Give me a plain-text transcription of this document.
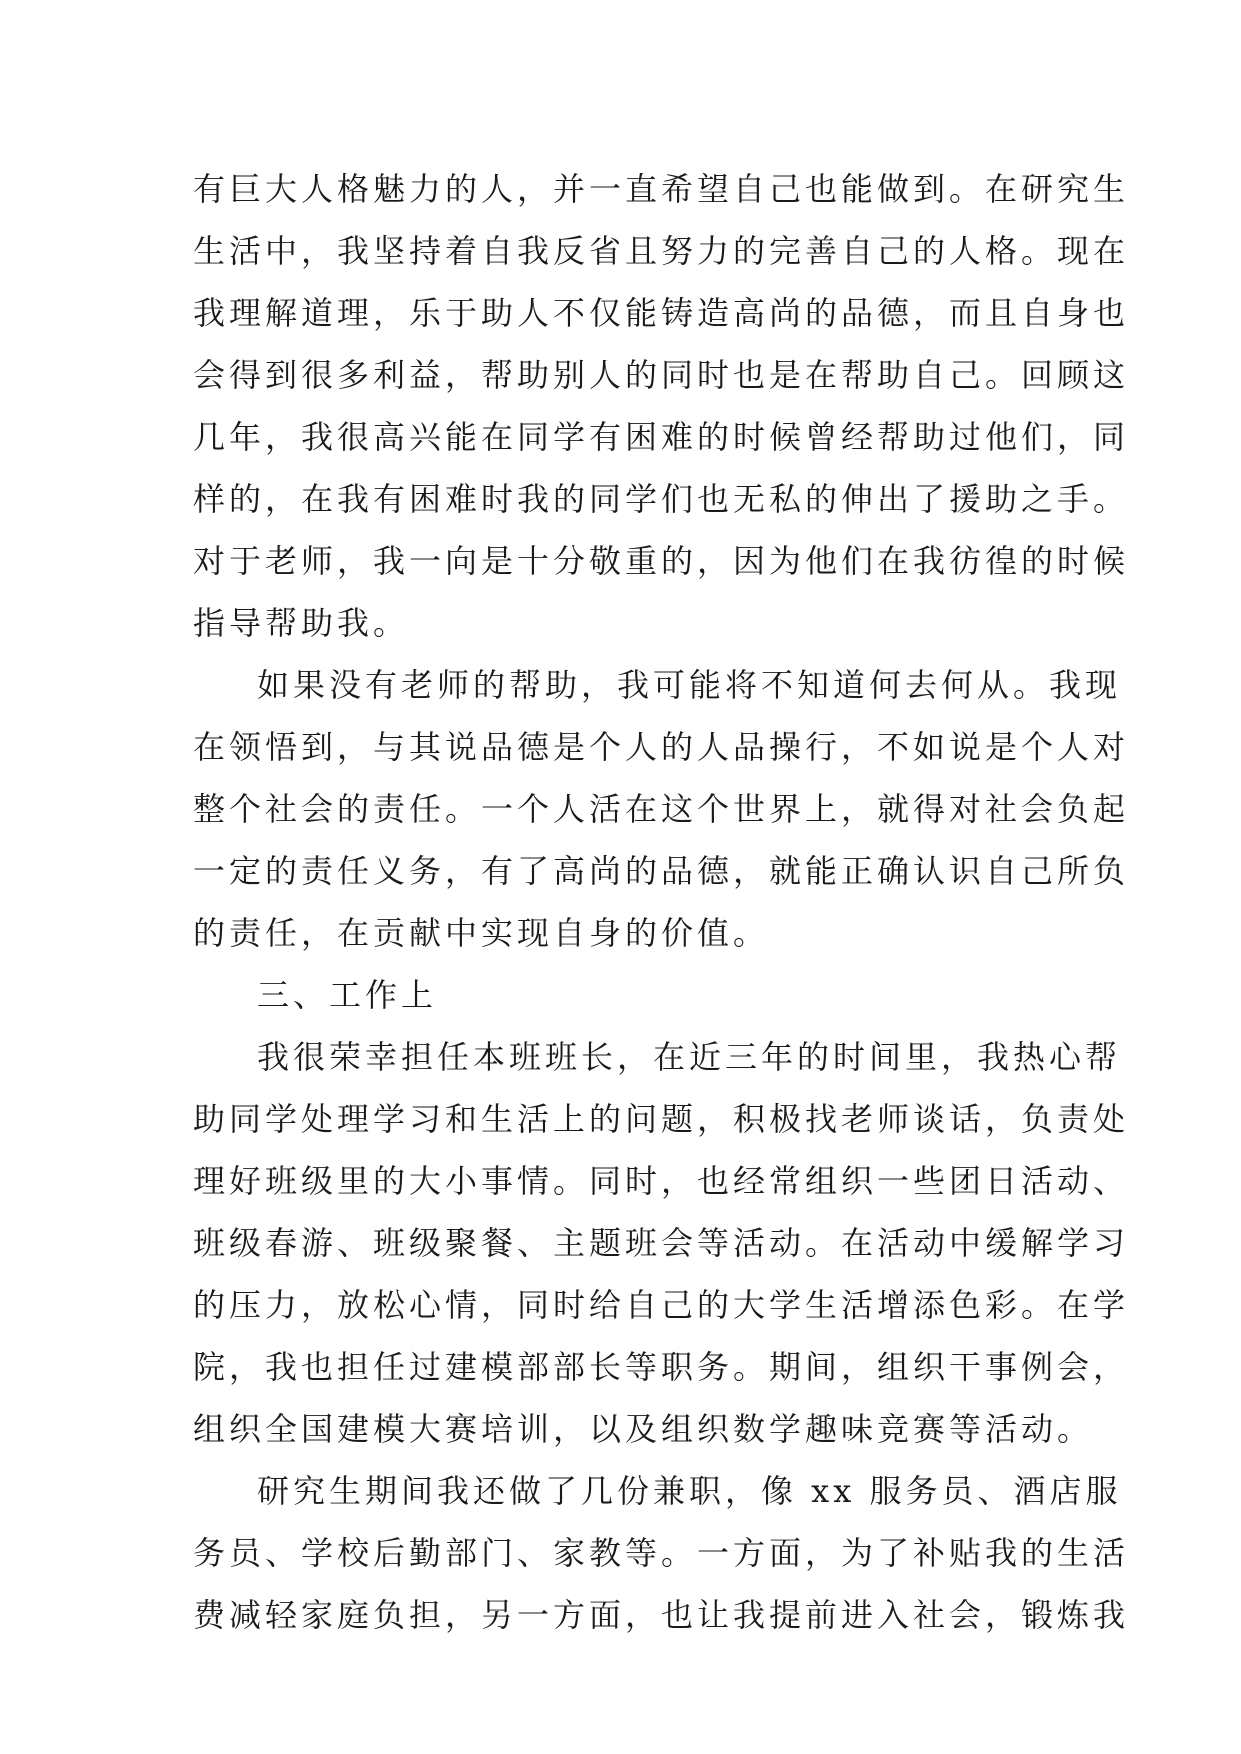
有巨大人格魅力的人，并一直希望自己也能做到。在研究生
生活中，我坚持着自我反省且努力的完善自己的人格。现在
我理解道理，乐于助人不仅能铸造高尚的品德，而且自身也
会得到很多利益，帮助别人的同时也是在帮助自己。回顾这
几年，我很高兴能在同学有困难的时候曾经帮助过他们，同
样的，在我有困难时我的同学们也无私的伸出了援助之手。
对于老师，我一向是十分敬重的，因为他们在我彷徨的时候
指导帮助我。
如果没有老师的帮助，我可能将不知道何去何从。我现
在领悟到，与其说品德是个人的人品操行，不如说是个人对
整个社会的责任。一个人活在这个世界上，就得对社会负起
一定的责任义务，有了高尚的品德，就能正确认识自己所负
的责任，在贡献中实现自身的价值。
三、工作上
我很荣幸担任本班班长，在近三年的时间里，我热心帮
助同学处理学习和生活上的问题，积极找老师谈话，负责处
理好班级里的大小事情。同时，也经常组织一些团日活动、
班级春游、班级聚餐、主题班会等活动。在活动中缓解学习
的压力，放松心情，同时给自己的大学生活增添色彩。在学
院，我也担任过建模部部长等职务。期间，组织干事例会，
组织全国建模大赛培训，以及组织数学趣味竞赛等活动。
研究生期间我还做了几份兼职，像 xx 服务员、酒店服
务员、学校后勤部门、家教等。一方面，为了补贴我的生活
费减轻家庭负担，另一方面，也让我提前进入社会，锻炼我
